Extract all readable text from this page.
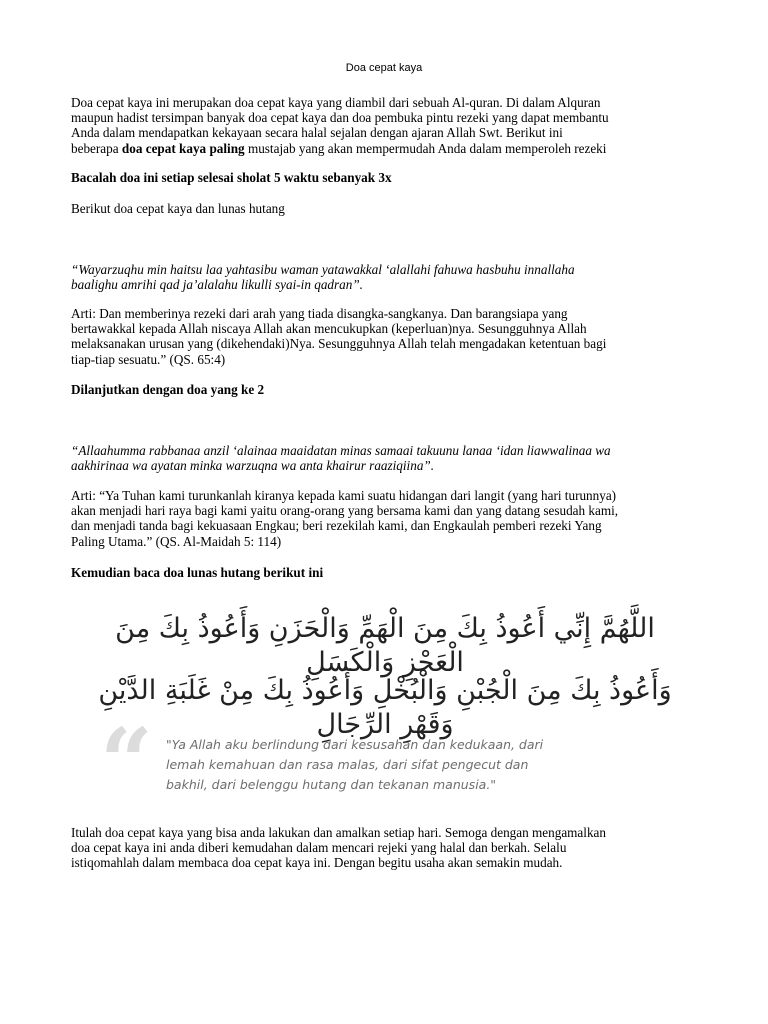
Doa cepat kaya
Doa cepat kaya ini merupakan doa cepat kaya yang diambil dari sebuah Al-quran. Di dalam Alquran
maupun hadist tersimpan banyak doa cepat kaya dan doa pembuka pintu rezeki yang dapat membantu
Anda dalam mendapatkan kekayaan secara halal sejalan dengan ajaran Allah Swt. Berikut ini
beberapa doa cepat kaya paling mustajab yang akan mempermudah Anda dalam memperoleh rezeki
Bacalah doa ini setiap selesai sholat 5 waktu sebanyak 3x
Berikut doa cepat kaya dan lunas hutang
“Wayarzuqhu min haitsu laa yahtasibu waman yatawakkal ‘alallahi fahuwa hasbuhu innallaha
baalighu amrihi qad ja’alalahu likulli syai-in qadran”.
Arti: Dan memberinya rezeki dari arah yang tiada disangka-sangkanya. Dan barangsiapa yang
bertawakkal kepada Allah niscaya Allah akan mencukupkan (keperluan)nya. Sesungguhnya Allah
melaksanakan urusan yang (dikehendaki)Nya. Sesungguhnya Allah telah mengadakan ketentuan bagi
tiap-tiap sesuatu.” (QS. 65:4)
Dilanjutkan dengan doa yang ke 2
“Allaahumma rabbanaa anzil ‘alainaa maaidatan minas samaai takuunu lanaa ‘idan liawwalinaa wa
aakhirinaa wa ayatan minka warzuqna wa anta khairur raaziqiina”.
Arti: “Ya Tuhan kami turunkanlah kiranya kepada kami suatu hidangan dari langit (yang hari turunnya)
akan menjadi hari raya bagi kami yaitu orang-orang yang bersama kami dan yang datang sesudah kami,
dan menjadi tanda bagi kekuasaan Engkau; beri rezekilah kami, dan Engkaulah pemberi rezeki Yang
Paling Utama.” (QS. Al-Maidah 5: 114)
Kemudian baca doa lunas hutang berikut ini
اللَّهُمَّ إِنِّي أَعُوذُ بِكَ مِنَ الْهَمِّ وَالْحَزَنِ وَأَعُوذُ بِكَ مِنَ الْعَجْزِ وَالْكَسَلِ
وَأَعُوذُ بِكَ مِنَ الْجُبْنِ وَالْبُخْلِ وَأَعُوذُ بِكَ مِنْ غَلَبَةِ الدَّيْنِ وَقَهْرِ الرِّجَالِ
“ "Ya Allah aku berlindung dari kesusahan dan kedukaan, dari
lemah kemahuan dan rasa malas, dari sifat pengecut dan
bakhil, dari belenggu hutang dan tekanan manusia."
Itulah doa cepat kaya yang bisa anda lakukan dan amalkan setiap hari. Semoga dengan mengamalkan
doa cepat kaya ini anda diberi kemudahan dalam mencari rejeki yang halal dan berkah. Selalu
istiqomahlah dalam membaca doa cepat kaya ini. Dengan begitu usaha akan semakin mudah.
